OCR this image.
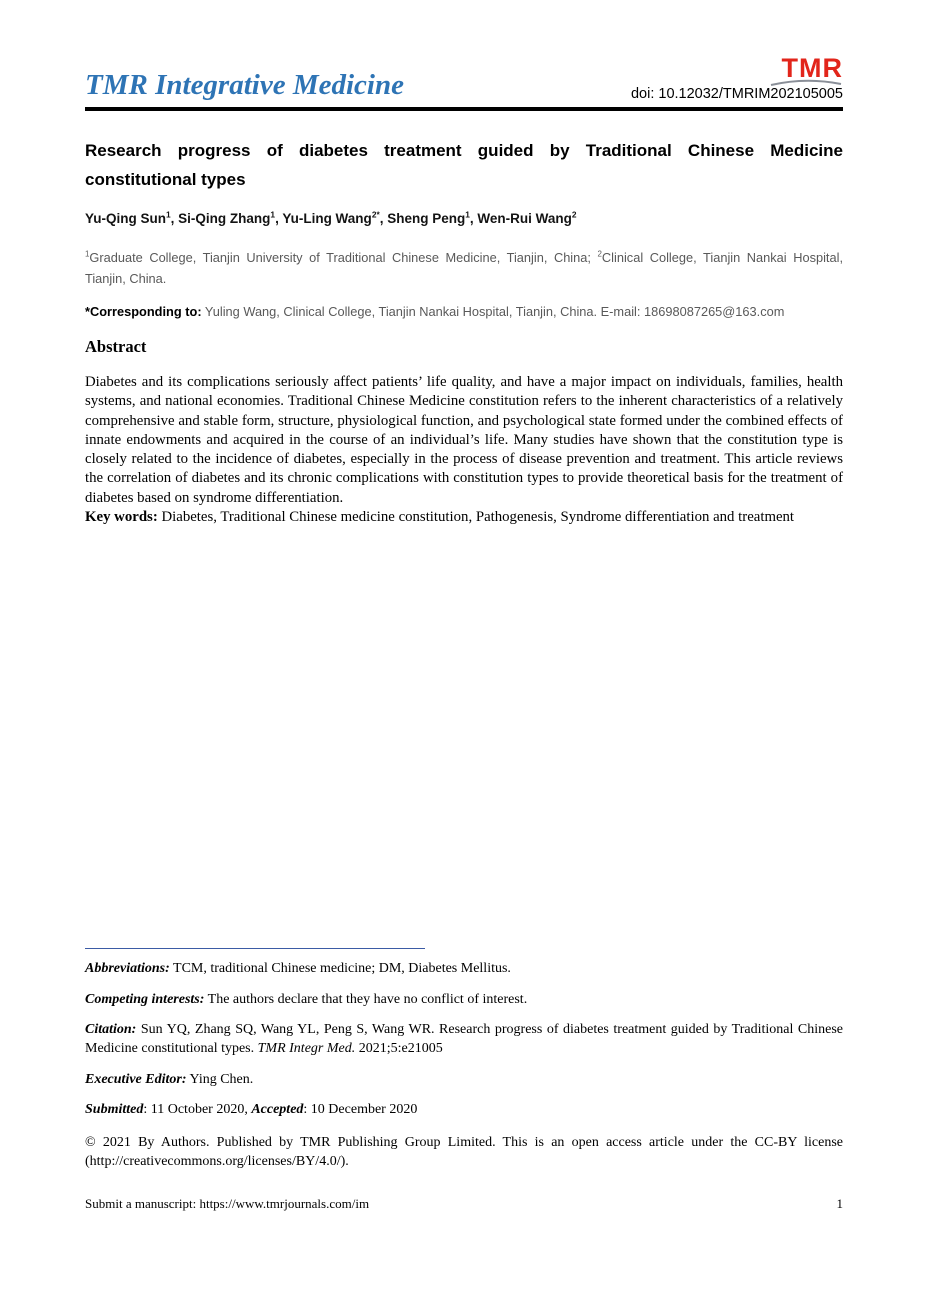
TMR Integrative Medicine
TMR
doi: 10.12032/TMRIM202105005
Research progress of diabetes treatment guided by Traditional Chinese Medicine constitutional types

Yu-Qing Sun$^1$, Si-Qing Zhang$^1$, Yu-Ling Wang$^{2*}$, Sheng Peng$^1$, Wen-Rui Wang$^2$

$^1$Graduate College, Tianjin University of Traditional Chinese Medicine, Tianjin, China; $^2$Clinical College, Tianjin Nankai Hospital, Tianjin, China.

*Corresponding to: Yuling Wang, Clinical College, Tianjin Nankai Hospital, Tianjin, China. E-mail: 18698087265@163.com

Abstract

Diabetes and its complications seriously affect patients’ life quality, and have a major impact on individuals, families, health systems, and national economies. Traditional Chinese Medicine constitution refers to the inherent characteristics of a relatively comprehensive and stable form, structure, physiological function, and psychological state formed under the combined effects of innate endowments and acquired in the course of an individual’s life. Many studies have shown that the constitution type is closely related to the incidence of diabetes, especially in the process of disease prevention and treatment. This article reviews the correlation of diabetes and its chronic complications with constitution types to provide theoretical basis for the treatment of diabetes based on syndrome differentiation.

Key words: Diabetes, Traditional Chinese medicine constitution, Pathogenesis, Syndrome differentiation and treatment

Abbreviations: TCM, traditional Chinese medicine; DM, Diabetes Mellitus.

Competing interests: The authors declare that they have no conflict of interest.

Citation: Sun YQ, Zhang SQ, Wang YL, Peng S, Wang WR. Research progress of diabetes treatment guided by Traditional Chinese Medicine constitutional types. TMR Integr Med. 2021;5:e21005

Executive Editor: Ying Chen.

Submitted: 11 October 2020, Accepted: 10 December 2020

© 2021 By Authors. Published by TMR Publishing Group Limited. This is an open access article under the CC-BY license (http://creativecommons.org/licenses/BY/4.0/).

Submit a manuscript: https://www.tmrjournals.com/im	1
